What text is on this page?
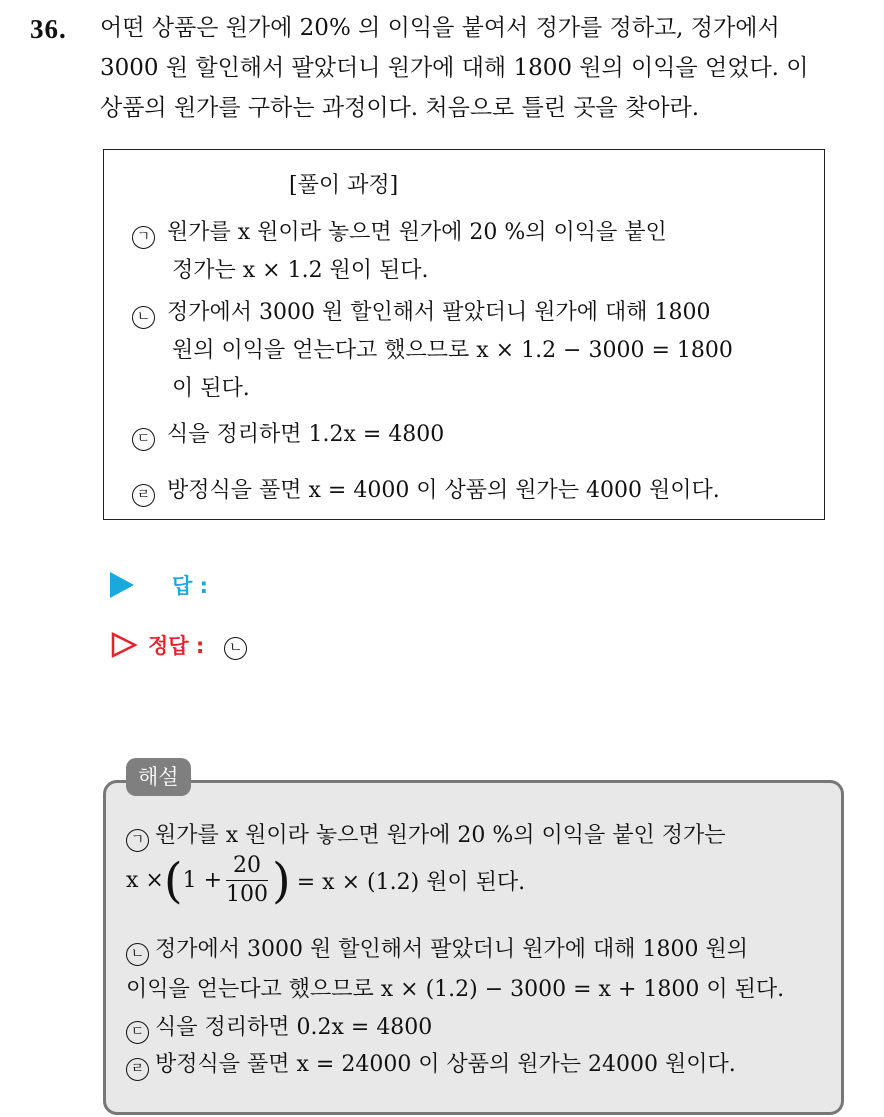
36. 어떤 상품은 원가에 20% 의 이익을 붙여서 정가를 정하고, 정가에서
3000 원 할인해서 팔았더니 원가에 대해 1800 원의 이익을 얻었다. 이
상품의 원가를 구하는 과정이다. 처음으로 틀린 곳을 찾아라.
[풀이 과정]
ㄱ 원가를 x 원이라 놓으면 원가에 20 %의 이익을 붙인
정가는 x × 1.2 원이 된다.
ㄴ 정가에서 3000 원 할인해서 팔았더니 원가에 대해 1800
원의 이익을 얻는다고 했으므로 x × 1.2 − 3000 = 1800
이 된다.
ㄷ 식을 정리하면 1.2x = 4800
ㄹ 방정식을 풀면 x = 4000 이 상품의 원가는 4000 원이다.
답 :
정답 :	ㄴ
해설
ㄱ 원가를 x 원이라 놓으면 원가에 20 %의 이익을 붙인 정가는
x × ( $1 + \frac{20}{100}$ ) = x × (1.2) 원이 된다.
ㄴ 정가에서 3000 원 할인해서 팔았더니 원가에 대해 1800 원의
이익을 얻는다고 했으므로 x × (1.2) − 3000 = x + 1800 이 된다.
ㄷ 식을 정리하면 0.2x = 4800
ㄹ 방정식을 풀면 x = 24000 이 상품의 원가는 24000 원이다.
